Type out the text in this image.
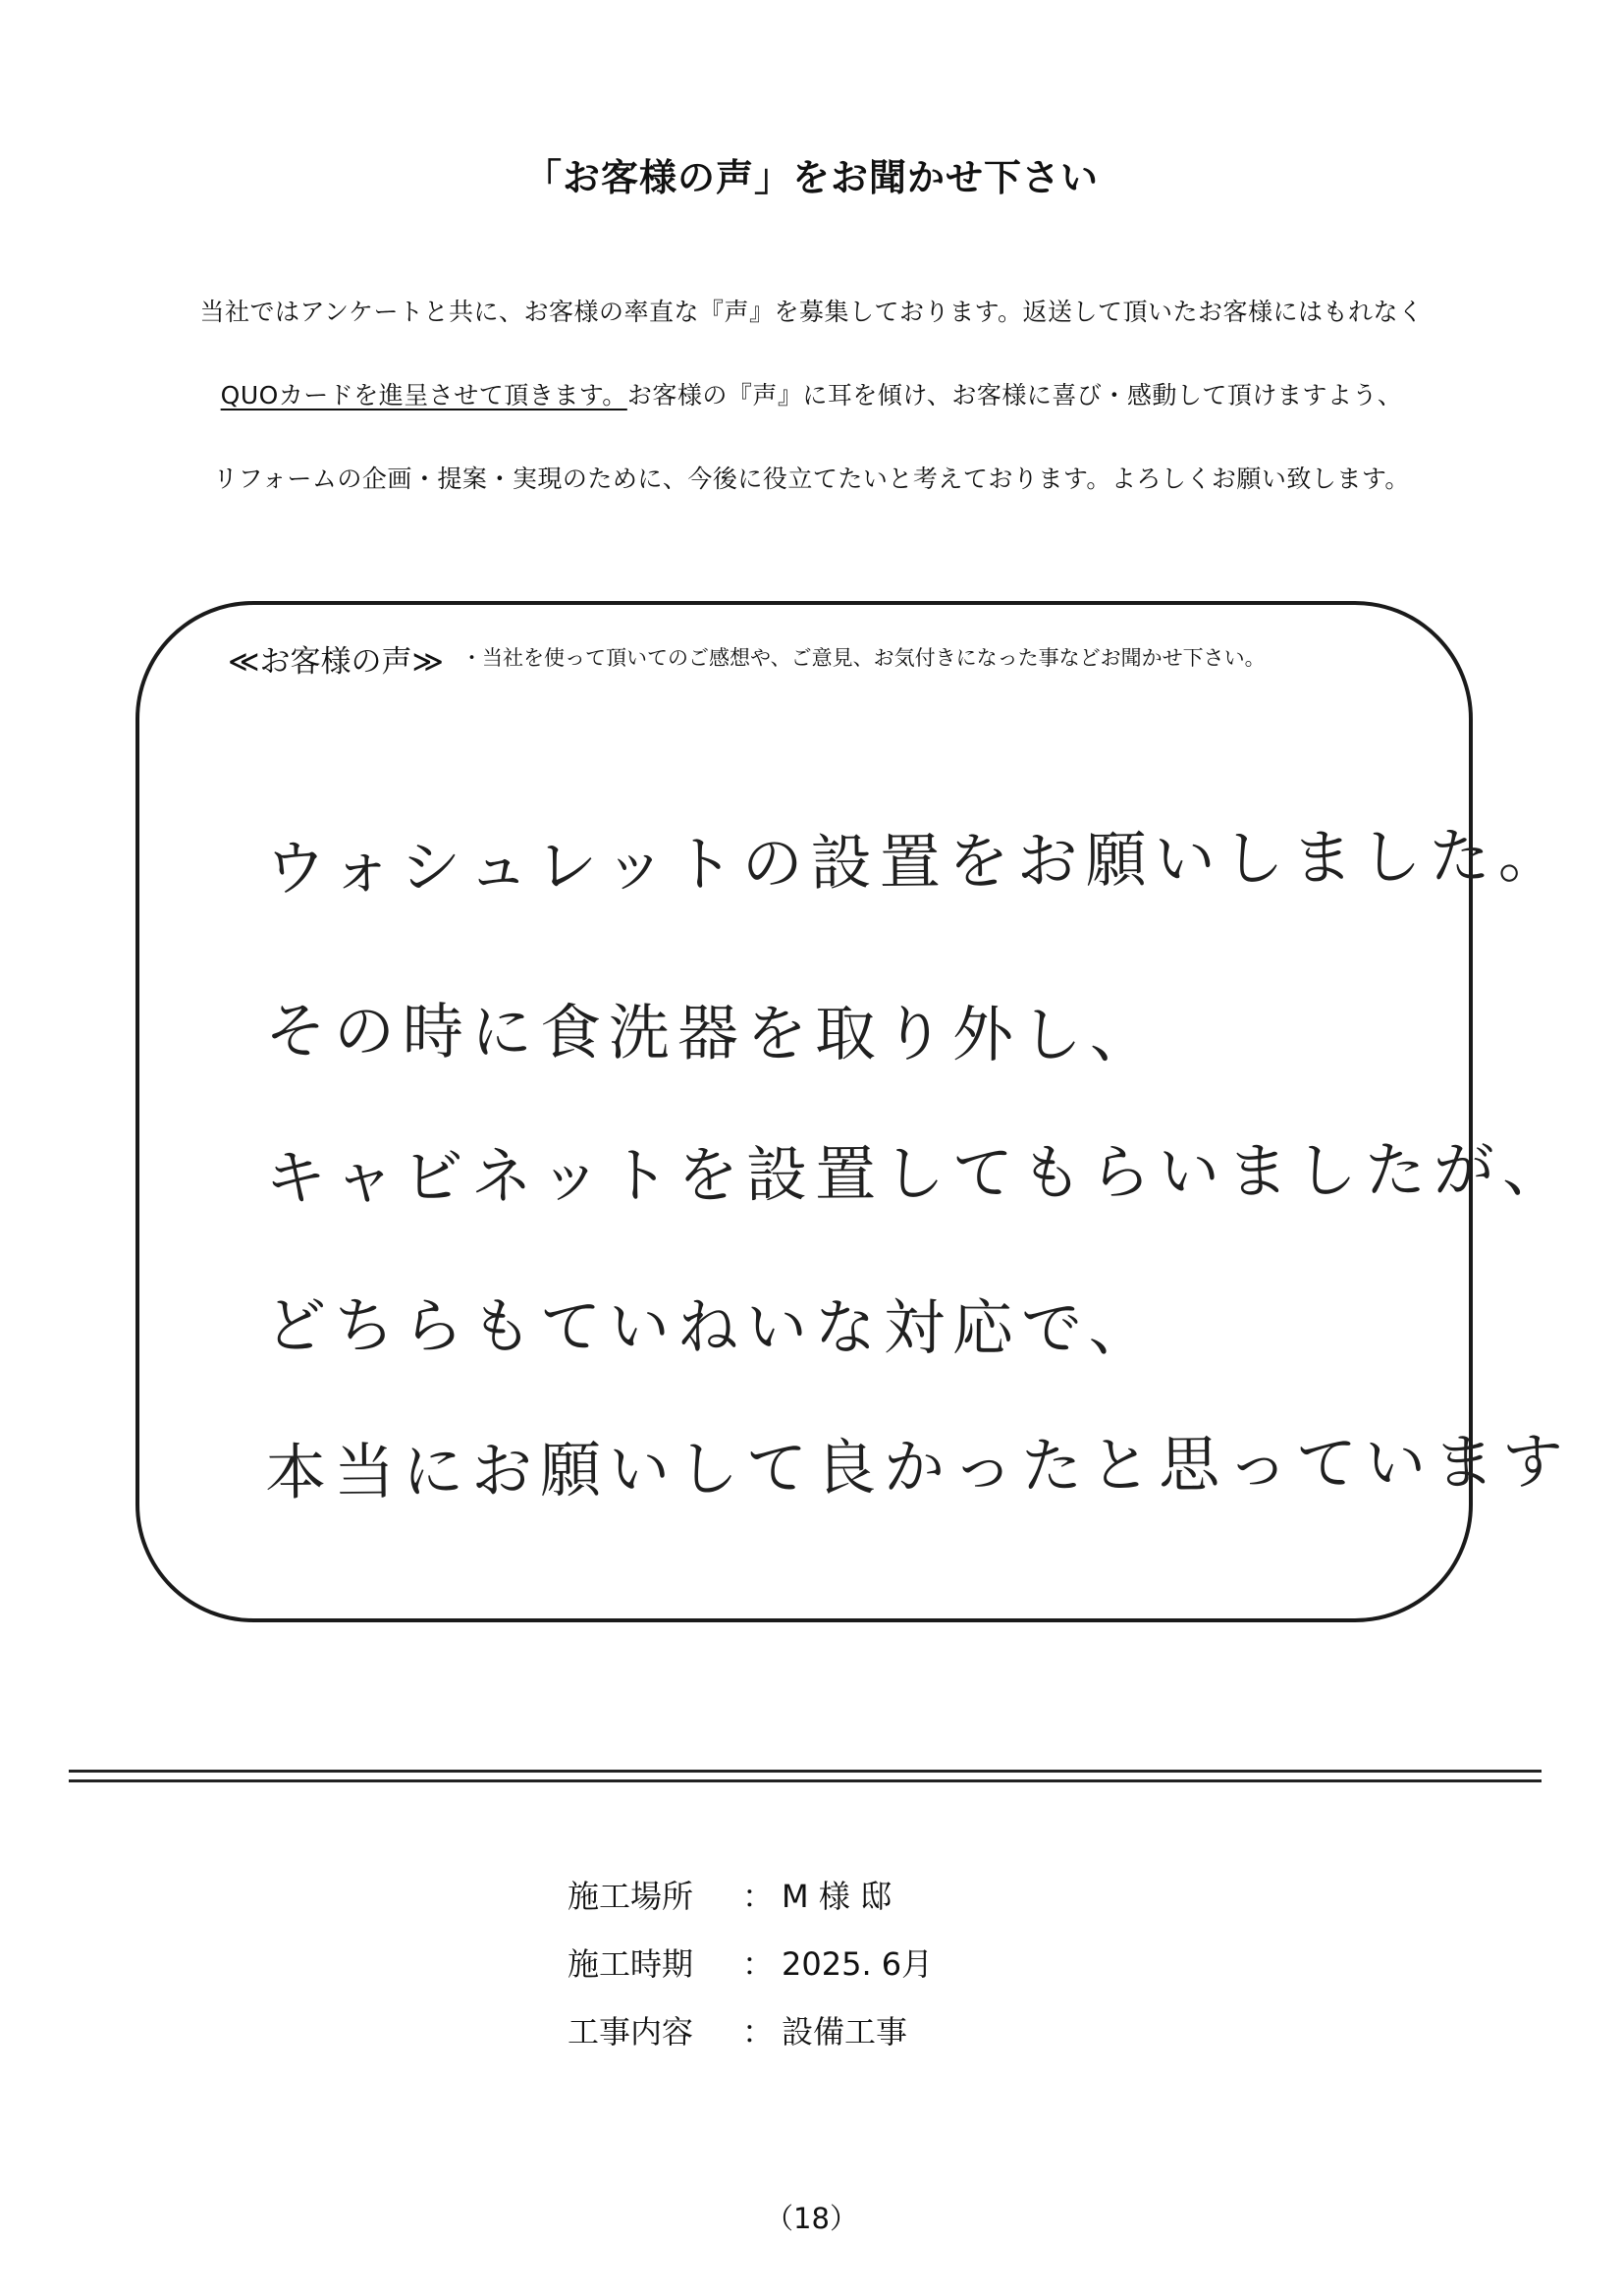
「お客様の声」をお聞かせ下さい
当社ではアンケートと共に、お客様の率直な『声』を募集しております。返送して頂いたお客様にはもれなく
QUOカードを進呈させて頂きます。お客様の『声』に耳を傾け、お客様に喜び・感動して頂けますよう、
リフォームの企画・提案・実現のために、今後に役立てたいと考えております。よろしくお願い致します。
≪お客様の声≫ ・当社を使って頂いてのご感想や、ご意見、お気付きになった事などお聞かせ下さい。
ウォシュレットの設置をお願いしました。
その時に食洗器を取り外し、
キャビネットを設置してもらいましたが、
どちらもていねいな対応で、
本当にお願いして良かったと思っています
施工場所 ： M 様 邸
施工時期 ： 2025. 6月
工事内容 ： 設備工事
（18）
